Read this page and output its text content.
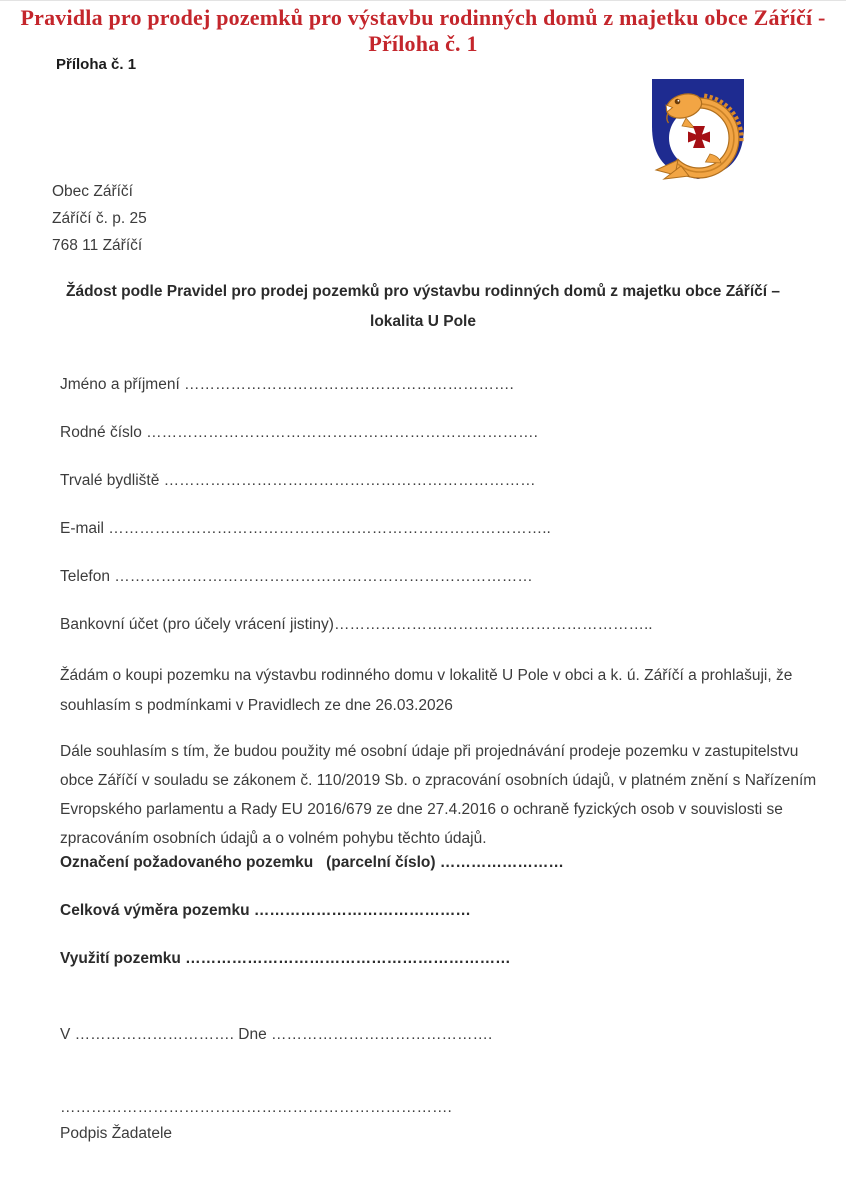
Pravidla pro prodej pozemků pro výstavbu rodinných domů z majetku obce Záříčí - Příloha č. 1
Příloha č. 1
Obec Záříčí
Záříčí č. p. 25
768 11 Záříčí
Žádost podle Pravidel pro prodej pozemků pro výstavbu rodinných domů z majetku obce Záříčí –
lokalita U Pole
Jméno a příjmení ……………………………………………………….
Rodné číslo ………………………………………………………………….
Trvalé bydliště ………………………………………………………………
E-mail …………………………………………………………………………..
Telefon ………………………………………………………………………
Bankovní účet (pro účely vrácení jistiny)……………………………………………………..
Žádám o koupi pozemku na výstavbu rodinného domu v lokalitě U Pole v obci a k. ú. Záříčí a prohlašuji, že souhlasím s podmínkami v Pravidlech ze dne 26.03.2026
Dále souhlasím s tím, že budou použity mé osobní údaje při projednávání prodeje pozemku v zastupitelstvu obce Záříčí v souladu se zákonem č. 110/2019 Sb. o zpracování osobních údajů, v platném znění s Nařízením Evropského parlamentu a Rady EU 2016/679 ze dne 27.4.2016 o ochraně fyzických osob v souvislosti se zpracováním osobních údajů a o volném pohybu těchto údajů.
Označení požadovaného pozemku   (parcelní číslo) ……………………
Celková výměra pozemku ……………………………………
Využití pozemku ………………………………………………………
V …………………………. Dne …………………………………….
………………………………………………………………….
Podpis Žadatele
